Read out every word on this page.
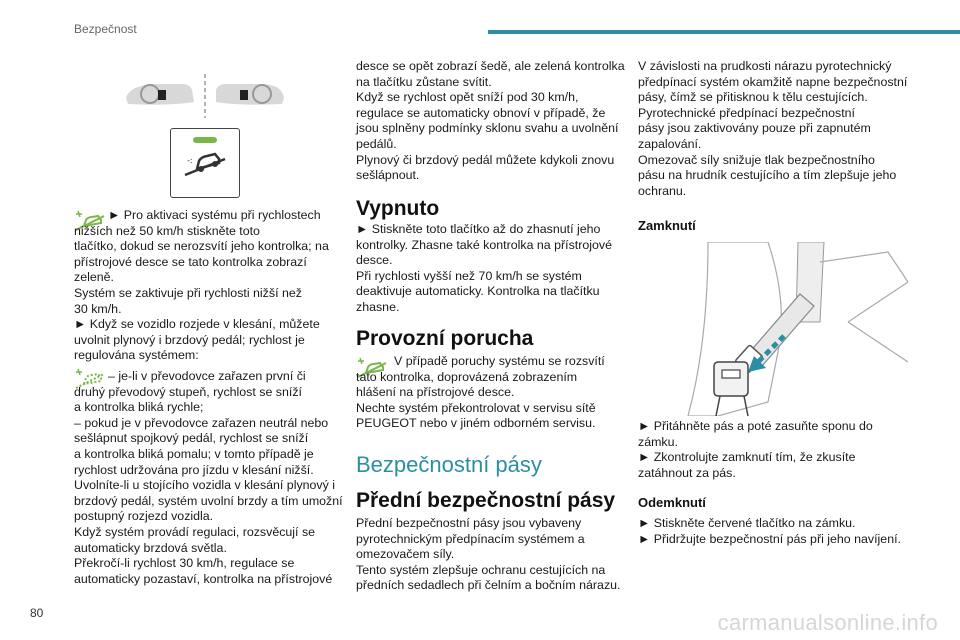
Bezpečnost
-:
► Pro aktivaci systému při rychlostech
nižších než 50 km/h stiskněte toto
tlačítko, dokud se nerozsvítí jeho kontrolka; na
přístrojové desce se tato kontrolka zobrazí
zeleně.
Systém se zaktivuje při rychlosti nižší než
30 km/h.
► Když se vozidlo rozjede v klesání, můžete
uvolnit plynový i brzdový pedál; rychlost je
regulována systémem:
– je-li v převodovce zařazen první či
druhý převodový stupeň, rychlost se sníží
a kontrolka bliká rychle;
– pokud je v převodovce zařazen neutrál nebo
sešlápnut spojkový pedál, rychlost se sníží
a kontrolka bliká pomalu; v tomto případě je
rychlost udržována pro jízdu v klesání nižší.
Uvolníte-li u stojícího vozidla v klesání plynový i
brzdový pedál, systém uvolní brzdy a tím umožní
postupný rozjezd vozidla.
Když systém provádí regulaci, rozsvěcují se
automaticky brzdová světla.
Překročí-li rychlost 30 km/h, regulace se
automaticky pozastaví, kontrolka na přístrojové
desce se opět zobrazí šedě, ale zelená kontrolka
na tlačítku zůstane svítit.
Když se rychlost opět sníží pod 30 km/h,
regulace se automaticky obnoví v případě, že
jsou splněny podmínky sklonu svahu a uvolnění
pedálů.
Plynový či brzdový pedál můžete kdykoli znovu
sešlápnout.
Vypnuto
► Stiskněte toto tlačítko až do zhasnutí jeho
kontrolky. Zhasne také kontrolka na přístrojové
desce.
Při rychlosti vyšší než 70 km/h se systém
deaktivuje automaticky. Kontrolka na tlačítku
zhasne.
Provozní porucha
V případě poruchy systému se rozsvítí
tato kontrolka, doprovázená zobrazením
hlášení na přístrojové desce.
Nechte systém překontrolovat v servisu sítě
PEUGEOT nebo v jiném odborném servisu.
Bezpečnostní pásy
Přední bezpečnostní pásy
Přední bezpečnostní pásy jsou vybaveny
pyrotechnickým předpínacím systémem a
omezovačem síly.
Tento systém zlepšuje ochranu cestujících na
předních sedadlech při čelním a bočním nárazu.
V závislosti na prudkosti nárazu pyrotechnický
předpínací systém okamžitě napne bezpečnostní
pásy, čímž se přitisknou k tělu cestujících.
Pyrotechnické předpínací bezpečnostní
pásy jsou zaktivovány pouze při zapnutém
zapalování.
Omezovač síly snižuje tlak bezpečnostního
pásu na hrudník cestujícího a tím zlepšuje jeho
ochranu.
Zamknutí
► Přitáhněte pás a poté zasuňte sponu do
zámku.
► Zkontrolujte zamknutí tím, že zkusíte
zatáhnout za pás.
Odemknutí
► Stiskněte červené tlačítko na zámku.
► Přidržujte bezpečnostní pás při jeho navíjení.
80	carmanualsonline.info
